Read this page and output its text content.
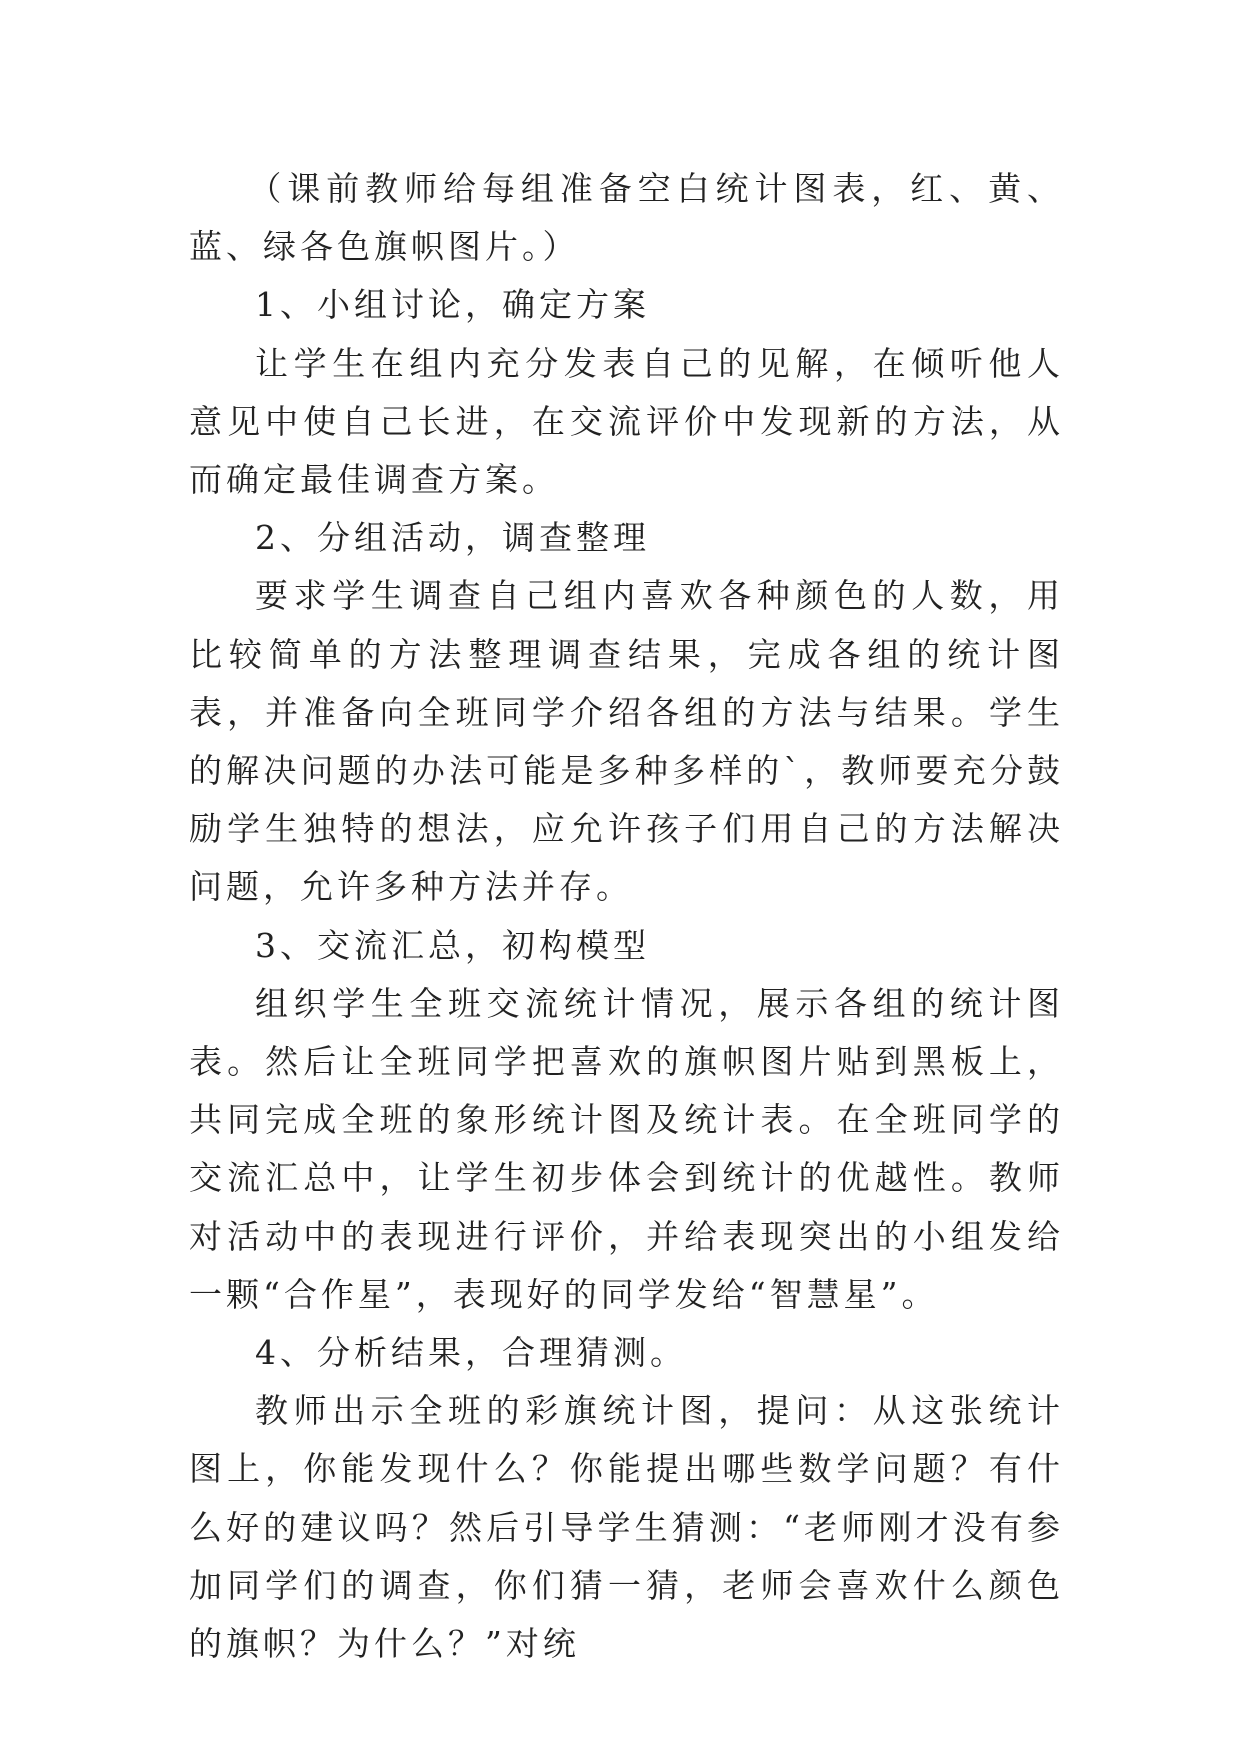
（课前教师给每组准备空白统计图表，红、黄、蓝、绿各色旗帜图片。）

1、小组讨论，确定方案

让学生在组内充分发表自己的见解，在倾听他人意见中使自己长进，在交流评价中发现新的方法，从而确定最佳调查方案。

2、分组活动，调查整理

要求学生调查自己组内喜欢各种颜色的人数，用比较简单的方法整理调查结果，完成各组的统计图表，并准备向全班同学介绍各组的方法与结果。学生的解决问题的办法可能是多种多样的`，教师要充分鼓励学生独特的想法，应允许孩子们用自己的方法解决问题，允许多种方法并存。

3、交流汇总，初构模型

组织学生全班交流统计情况，展示各组的统计图表。然后让全班同学把喜欢的旗帜图片贴到黑板上，共同完成全班的象形统计图及统计表。在全班同学的交流汇总中，让学生初步体会到统计的优越性。教师对活动中的表现进行评价，并给表现突出的小组发给一颗“合作星”，表现好的同学发给“智慧星”。

4、分析结果，合理猜测。

教师出示全班的彩旗统计图，提问：从这张统计图上，你能发现什么？你能提出哪些数学问题？有什么好的建议吗？然后引导学生猜测：“老师刚才没有参加同学们的调查，你们猜一猜，老师会喜欢什么颜色的旗帜？为什么？”对统
